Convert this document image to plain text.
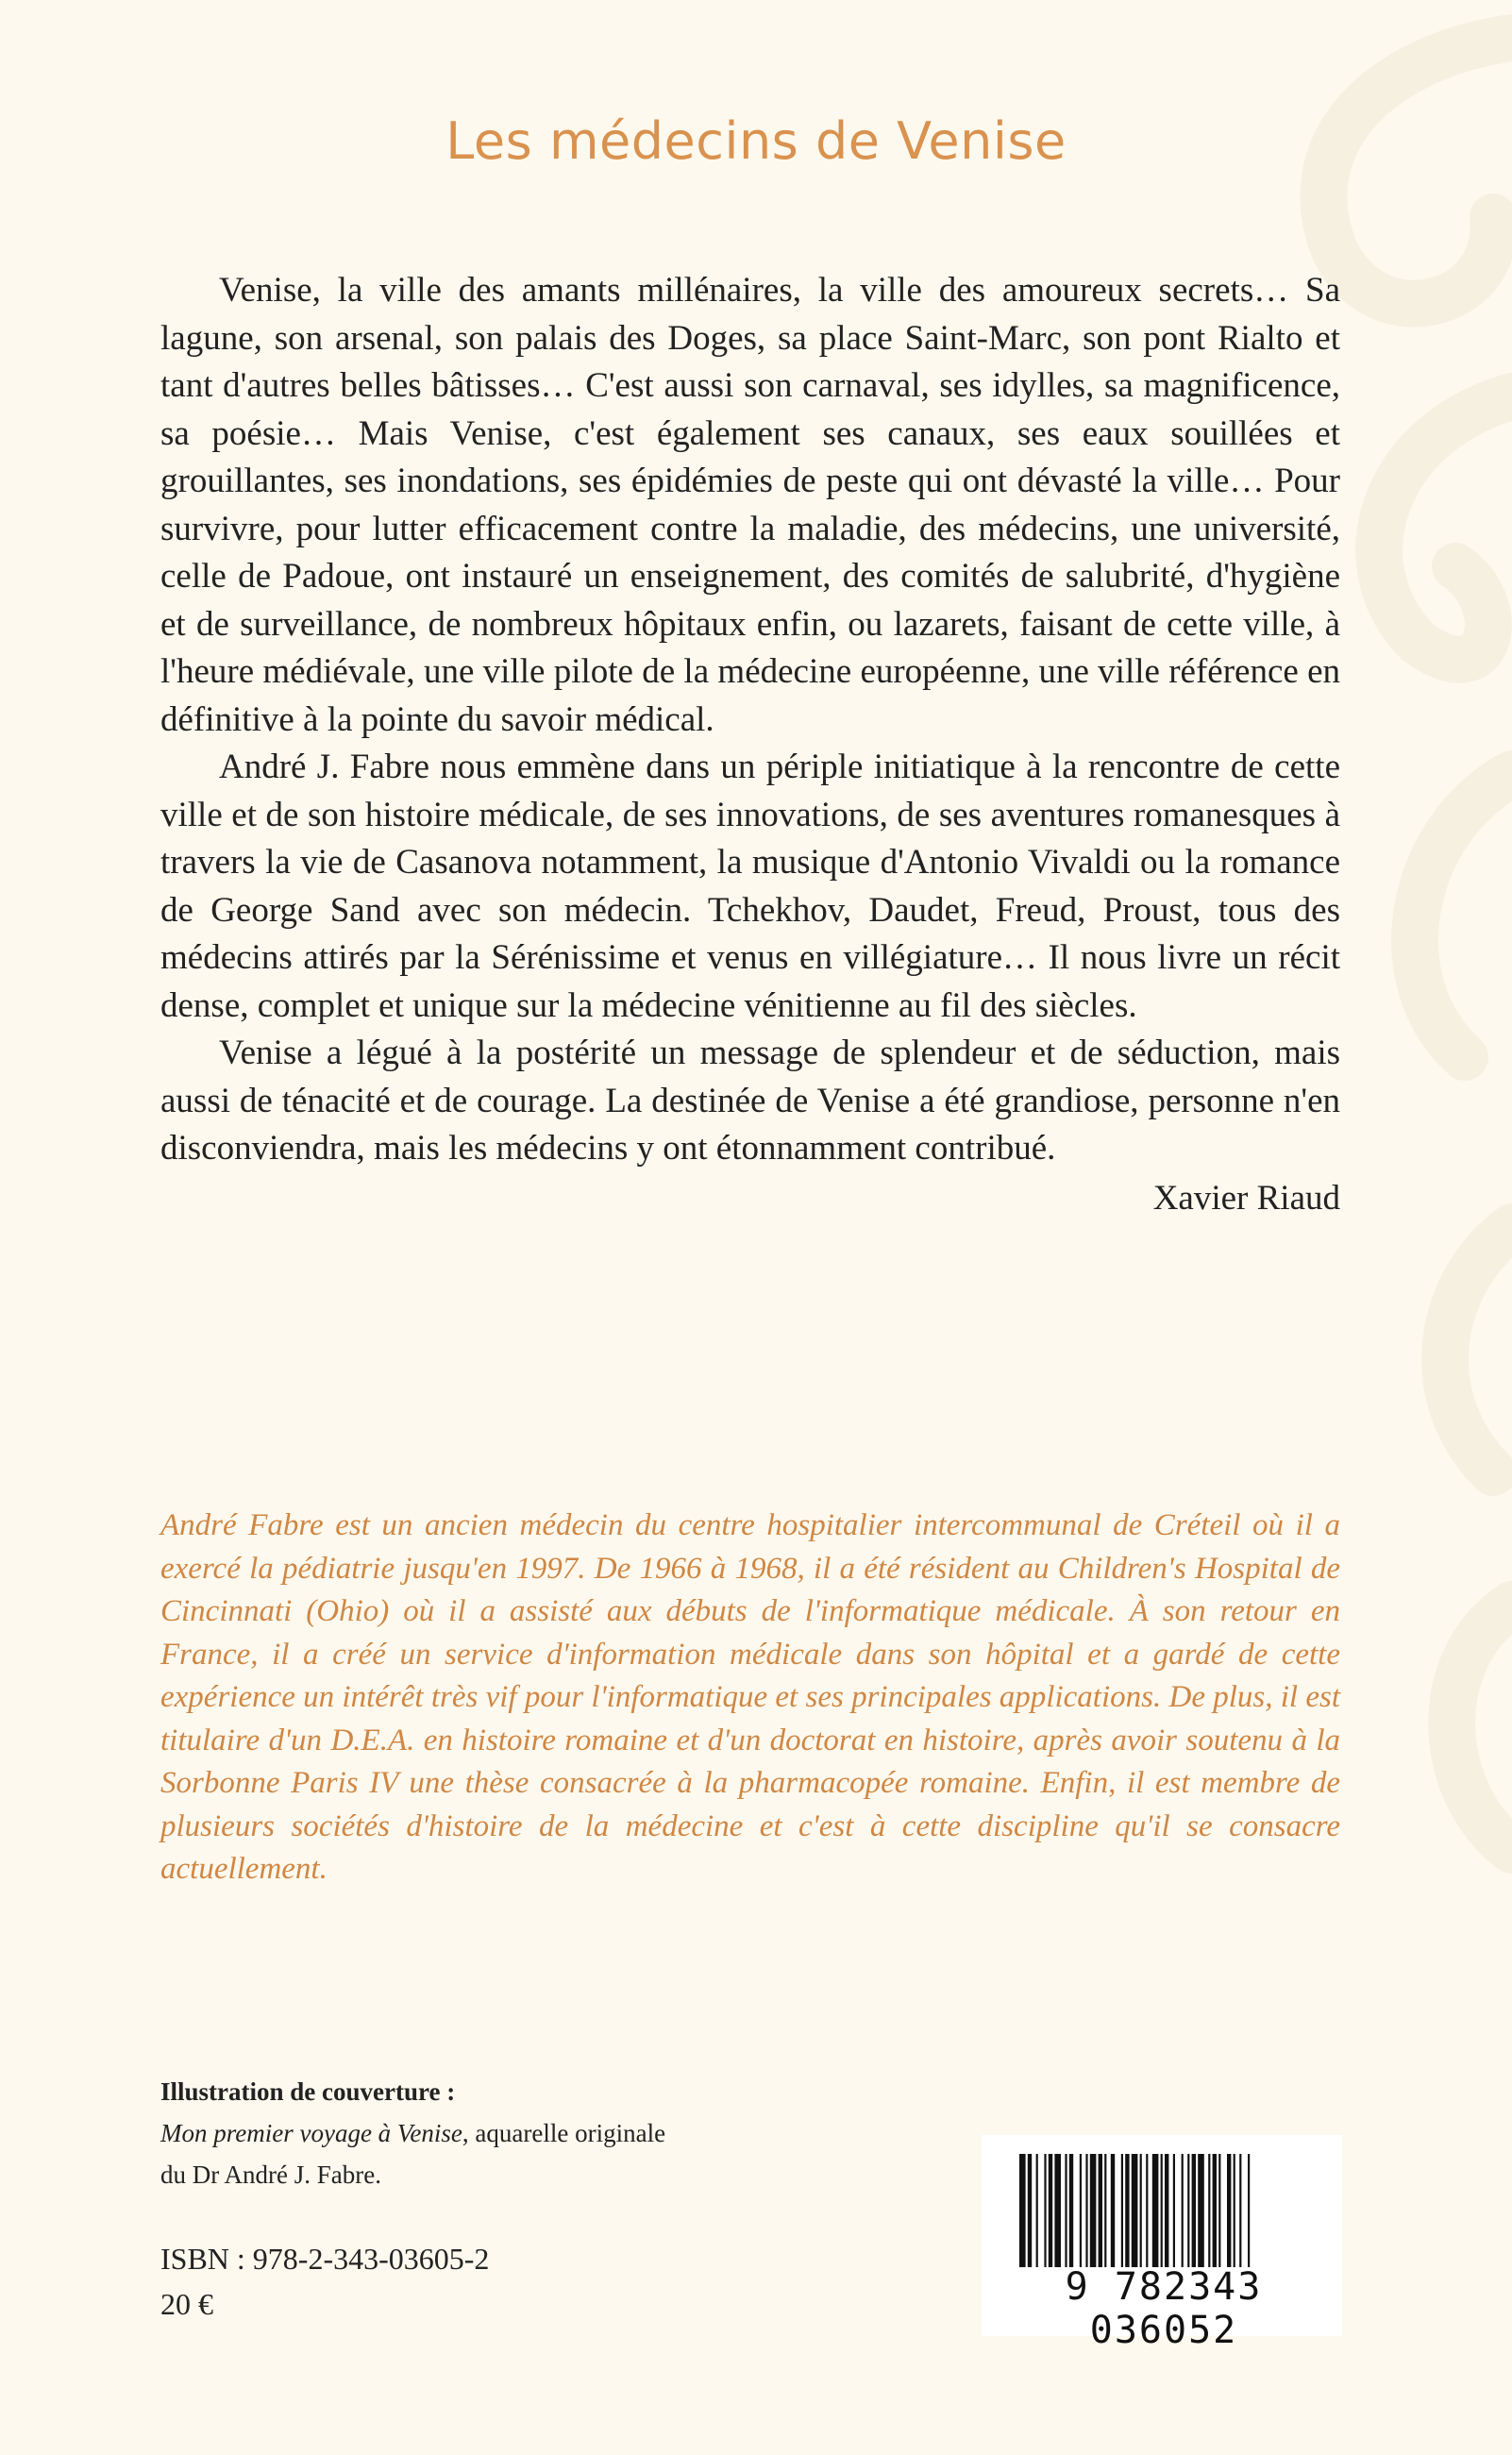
Les médecins de Venise

Venise, la ville des amants millénaires, la ville des amoureux secrets… Sa lagune, son arsenal, son palais des Doges, sa place Saint-Marc, son pont Rialto et tant d'autres belles bâtisses… C'est aussi son carnaval, ses idylles, sa magnificence, sa poésie… Mais Venise, c'est également ses canaux, ses eaux souillées et grouillantes, ses inondations, ses épidémies de peste qui ont dévasté la ville… Pour survivre, pour lutter efficacement contre la maladie, des médecins, une université, celle de Padoue, ont instauré un enseignement, des comités de salubrité, d'hygiène et de surveillance, de nombreux hôpitaux enfin, ou lazarets, faisant de cette ville, à l'heure médiévale, une ville pilote de la médecine européenne, une ville référence en définitive à la pointe du savoir médical.

André J. Fabre nous emmène dans un périple initiatique à la rencontre de cette ville et de son histoire médicale, de ses innovations, de ses aventures romanesques à travers la vie de Casanova notamment, la musique d'Antonio Vivaldi ou la romance de George Sand avec son médecin. Tchekhov, Daudet, Freud, Proust, tous des médecins attirés par la Sérénissime et venus en villégiature… Il nous livre un récit dense, complet et unique sur la médecine vénitienne au fil des siècles.

Venise a légué à la postérité un message de splendeur et de séduction, mais aussi de ténacité et de courage. La destinée de Venise a été grandiose, personne n'en disconviendra, mais les médecins y ont étonnamment contribué.

Xavier Riaud

André Fabre est un ancien médecin du centre hospitalier intercommunal de Créteil où il a exercé la pédiatrie jusqu'en 1997. De 1966 à 1968, il a été résident au Children's Hospital de Cincinnati (Ohio) où il a assisté aux débuts de l'informatique médicale. À son retour en France, il a créé un service d'information médicale dans son hôpital et a gardé de cette expérience un intérêt très vif pour l'informatique et ses principales applications. De plus, il est titulaire d'un D.E.A. en histoire romaine et d'un doctorat en histoire, après avoir soutenu à la Sorbonne Paris IV une thèse consacrée à la pharmacopée romaine. Enfin, il est membre de plusieurs sociétés d'histoire de la médecine et c'est à cette discipline qu'il se consacre actuellement.

Illustration de couverture :

Mon premier voyage à Venise, aquarelle originale

du Dr André J. Fabre.

ISBN : 978-2-343-03605-2
20 €	9 782343 036052
